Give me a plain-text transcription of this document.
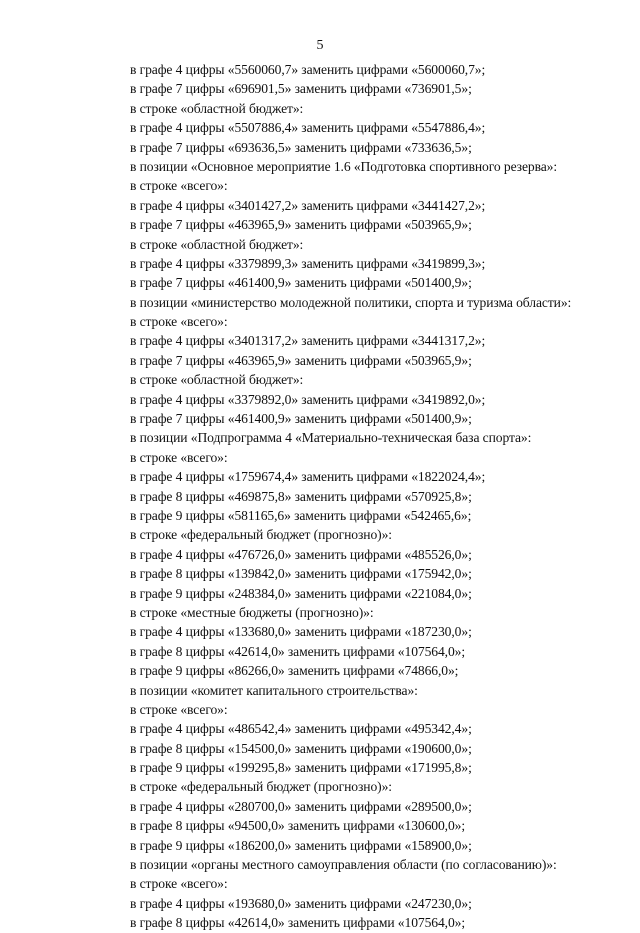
5
в графе 4 цифры «5560060,7» заменить цифрами «5600060,7»;
в графе 7 цифры «696901,5» заменить цифрами «736901,5»;
в строке «областной бюджет»:
в графе 4 цифры «5507886,4» заменить цифрами «5547886,4»;
в графе 7 цифры «693636,5» заменить цифрами «733636,5»;
в позиции «Основное мероприятие 1.6 «Подготовка спортивного резерва»:
в строке «всего»:
в графе 4 цифры «3401427,2» заменить цифрами «3441427,2»;
в графе 7 цифры «463965,9» заменить цифрами «503965,9»;
в строке «областной бюджет»:
в графе 4 цифры «3379899,3» заменить цифрами «3419899,3»;
в графе 7 цифры «461400,9» заменить цифрами «501400,9»;
в позиции «министерство молодежной политики, спорта и туризма области»:
в строке «всего»:
в графе 4 цифры «3401317,2» заменить цифрами «3441317,2»;
в графе 7 цифры «463965,9» заменить цифрами «503965,9»;
в строке «областной бюджет»:
в графе 4 цифры «3379892,0» заменить цифрами «3419892,0»;
в графе 7 цифры «461400,9» заменить цифрами «501400,9»;
в позиции «Подпрограмма 4 «Материально-техническая база спорта»:
в строке «всего»:
в графе 4 цифры «1759674,4» заменить цифрами «1822024,4»;
в графе 8 цифры «469875,8» заменить цифрами «570925,8»;
в графе 9 цифры «581165,6» заменить цифрами «542465,6»;
в строке «федеральный бюджет (прогнозно)»:
в графе 4 цифры «476726,0» заменить цифрами «485526,0»;
в графе 8 цифры «139842,0» заменить цифрами «175942,0»;
в графе 9 цифры «248384,0» заменить цифрами «221084,0»;
в строке «местные бюджеты (прогнозно)»:
в графе 4 цифры «133680,0» заменить цифрами «187230,0»;
в графе 8 цифры «42614,0» заменить цифрами «107564,0»;
в графе 9 цифры «86266,0» заменить цифрами «74866,0»;
в позиции «комитет капитального строительства»:
в строке «всего»:
в графе 4 цифры «486542,4» заменить цифрами «495342,4»;
в графе 8 цифры «154500,0» заменить цифрами «190600,0»;
в графе 9 цифры «199295,8» заменить цифрами «171995,8»;
в строке «федеральный бюджет (прогнозно)»:
в графе 4 цифры «280700,0» заменить цифрами «289500,0»;
в графе 8 цифры «94500,0» заменить цифрами «130600,0»;
в графе 9 цифры «186200,0» заменить цифрами «158900,0»;
в позиции «органы местного самоуправления области (по согласованию)»:
в строке «всего»:
в графе 4 цифры «193680,0» заменить цифрами «247230,0»;
в графе 8 цифры «42614,0» заменить цифрами «107564,0»;
